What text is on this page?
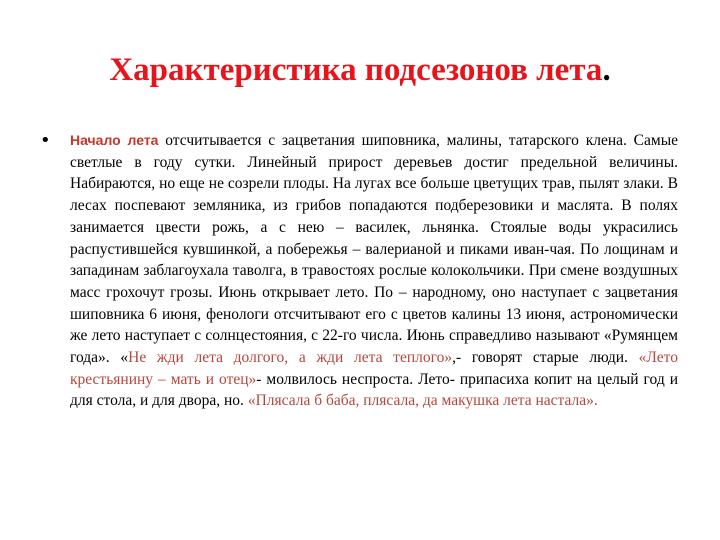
Характеристика подсезонов лета.
• Начало лета отсчитывается с зацветания шиповника, малины, татарского клена. Самые светлые в году сутки. Линейный прирост деревьев достиг предельной величины. Набираются, но еще не созрели плоды. На лугах все больше цветущих трав, пылят злаки. В лесах поспевают земляника, из грибов попадаются подберезовики и маслята. В полях занимается цвести рожь, а с нею – василек, льнянка. Стоялые воды украсились распустившейся кувшинкой, а побережья – валерианой и пиками иван-чая. По лощинам и западинам заблагоухала таволга, в травостоях рослые колокольчики. При смене воздушных масс грохочут грозы. Июнь открывает лето. По – народному, оно наступает с зацветания шиповника 6 июня, фенологи отсчитывают его с цветов калины 13 июня, астрономически же лето наступает с солнцестояния, с 22-го числа. Июнь справедливо называют «Румянцем года». «Не жди лета долгого, а жди лета теплого»,- говорят старые люди. «Лето крестьянину – мать и отец»- молвилось неспроста. Лето- припасиха копит на целый год и для стола, и для двора, но. «Плясала б баба, плясала, да макушка лета настала».
